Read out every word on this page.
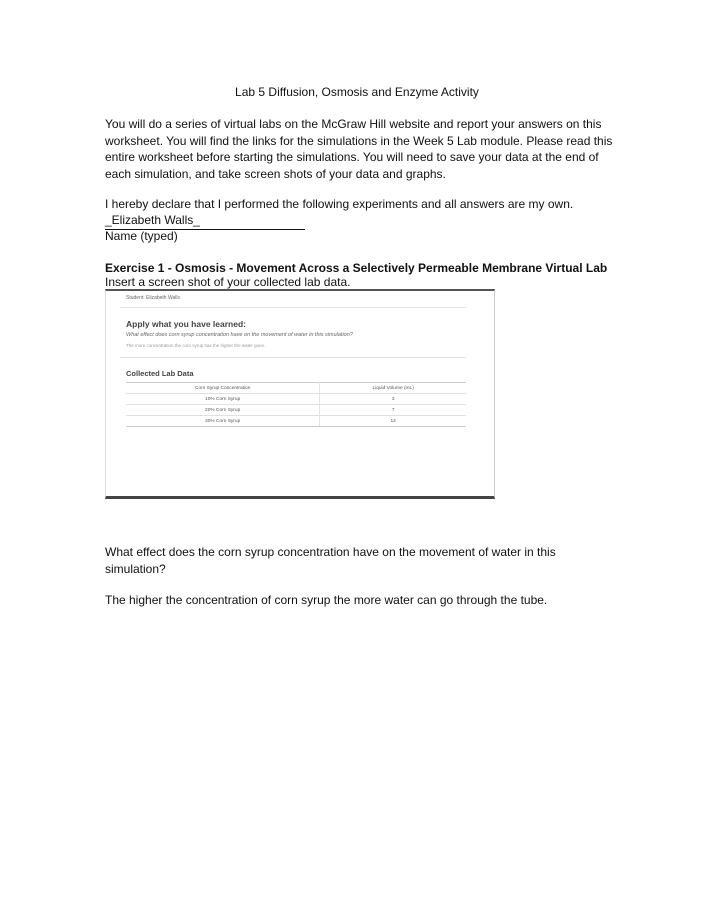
Lab 5 Diffusion, Osmosis and Enzyme Activity
You will do a series of virtual labs on the McGraw Hill website and report your answers on this worksheet. You will find the links for the simulations in the Week 5 Lab module. Please read this entire worksheet before starting the simulations. You will need to save your data at the end of each simulation, and take screen shots of your data and graphs.
I hereby declare that I performed the following experiments and all answers are my own.
_Elizabeth Walls_
Name (typed)
Exercise 1 - Osmosis - Movement Across a Selectively Permeable Membrane Virtual Lab
Insert a screen shot of your collected lab data.
Student: Elizabeth Walls
Apply what you have learned:
What effect does corn syrup concentration have on the movement of water in this simulation?
The more concentration the corn syrup has the higher the water goes.
Collected Lab Data
Corn Syrup Concentration	Liquid Volume (mL)
10% Corn Syrup	3
20% Corn Syrup	7
30% Corn Syrup	12
What effect does the corn syrup concentration have on the movement of water in this simulation?
The higher the concentration of corn syrup the more water can go through the tube.
